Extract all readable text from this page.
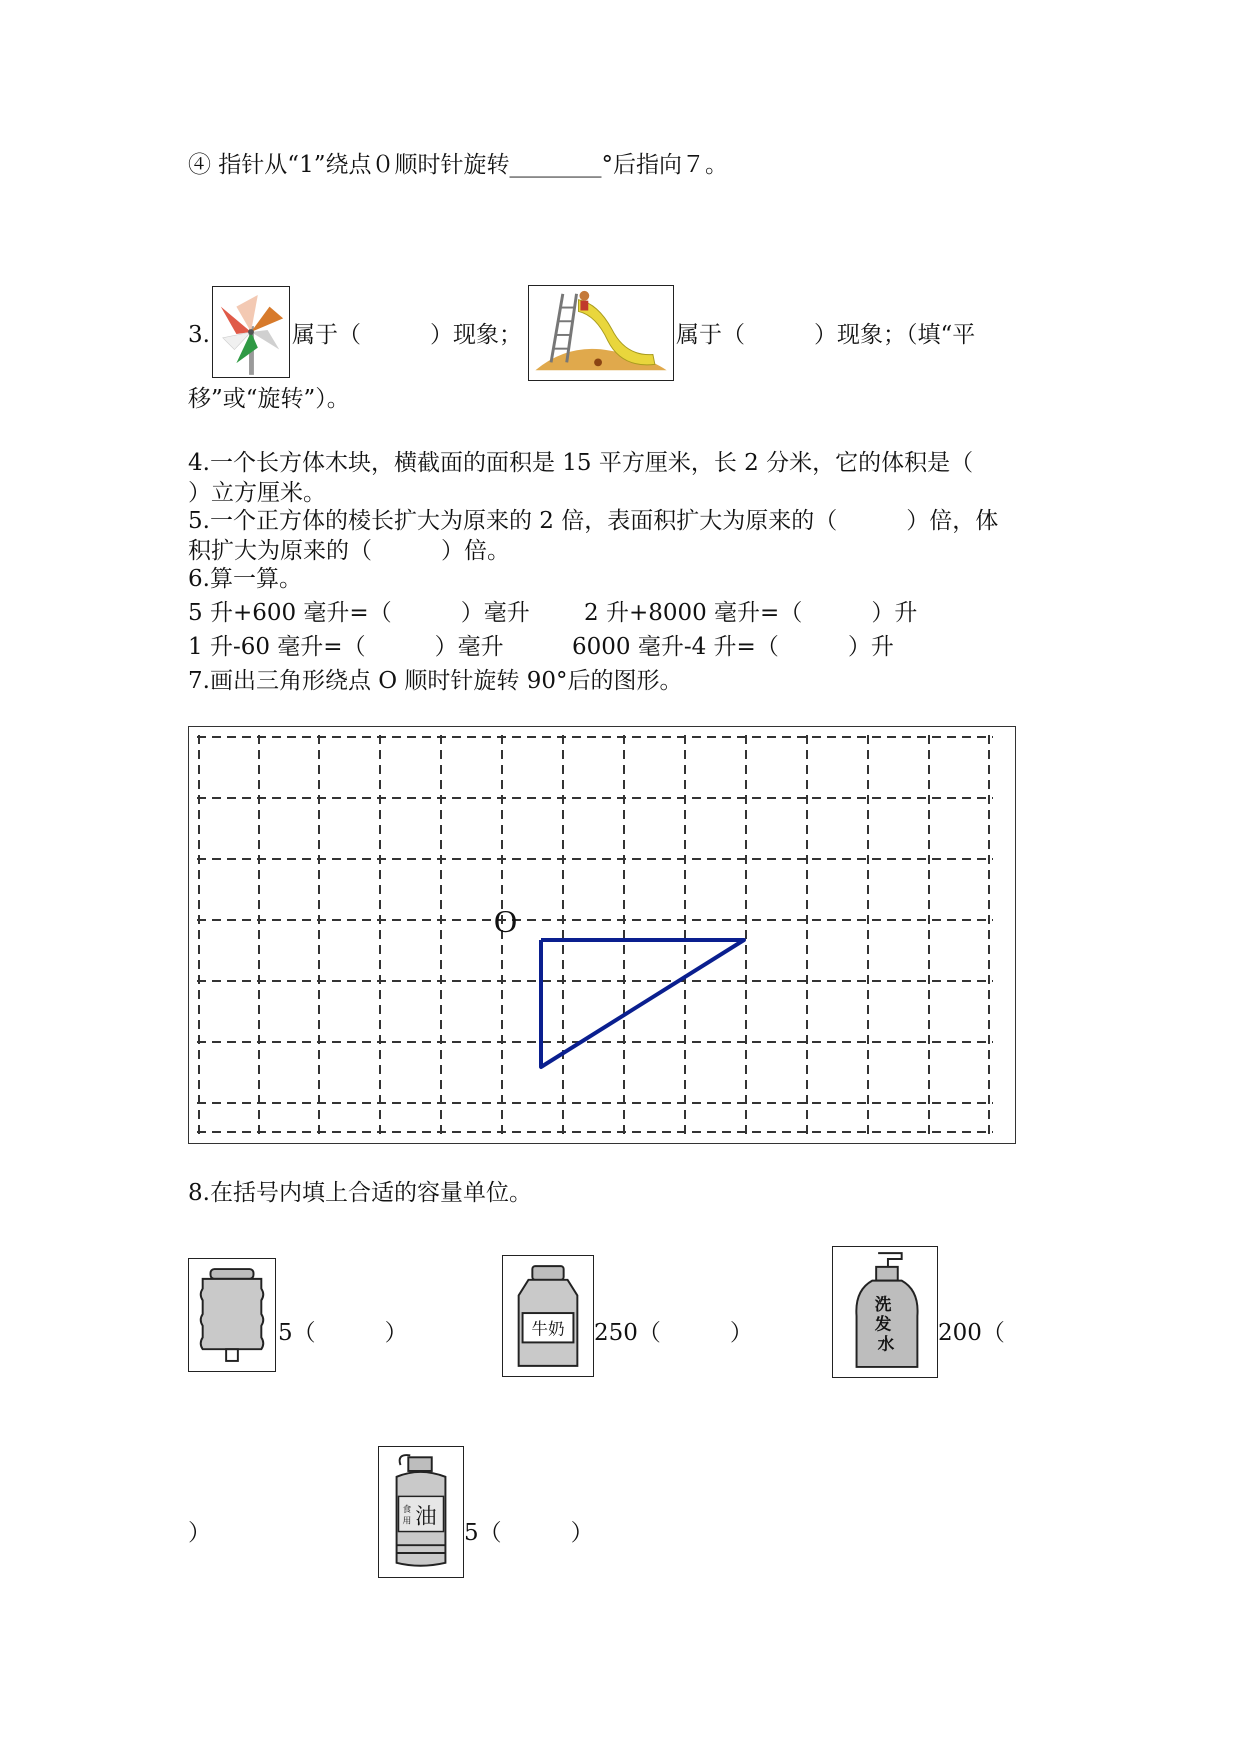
④ 指针从“1”绕点０顺时针旋转________°后指向７。
3.	属于（　　　）现象；	属于（　　　）现象；（填“平
移”或“旋转”）。
4.一个长方体木块，横截面的面积是 15 平方厘米，长 2 分米，它的体积是（
）立方厘米。
5.一个正方体的棱长扩大为原来的 2 倍，表面积扩大为原来的（　　　）倍，体
积扩大为原来的（　　　）倍。
6.算一算。
5 升+600 毫升=（　　　）毫升 2 升+8000 毫升=（　　　）升
1 升-60 毫升=（　　　）毫升	6000 毫升-4 升=（　　　）升
7.画出三角形绕点 O 顺时针旋转 90°后的图形。
O
8.在括号内填上合适的容量单位。
5（　　　）	牛奶 250（　　　）
洗 发 水 200（
）
食 用 油
5（　　　）
